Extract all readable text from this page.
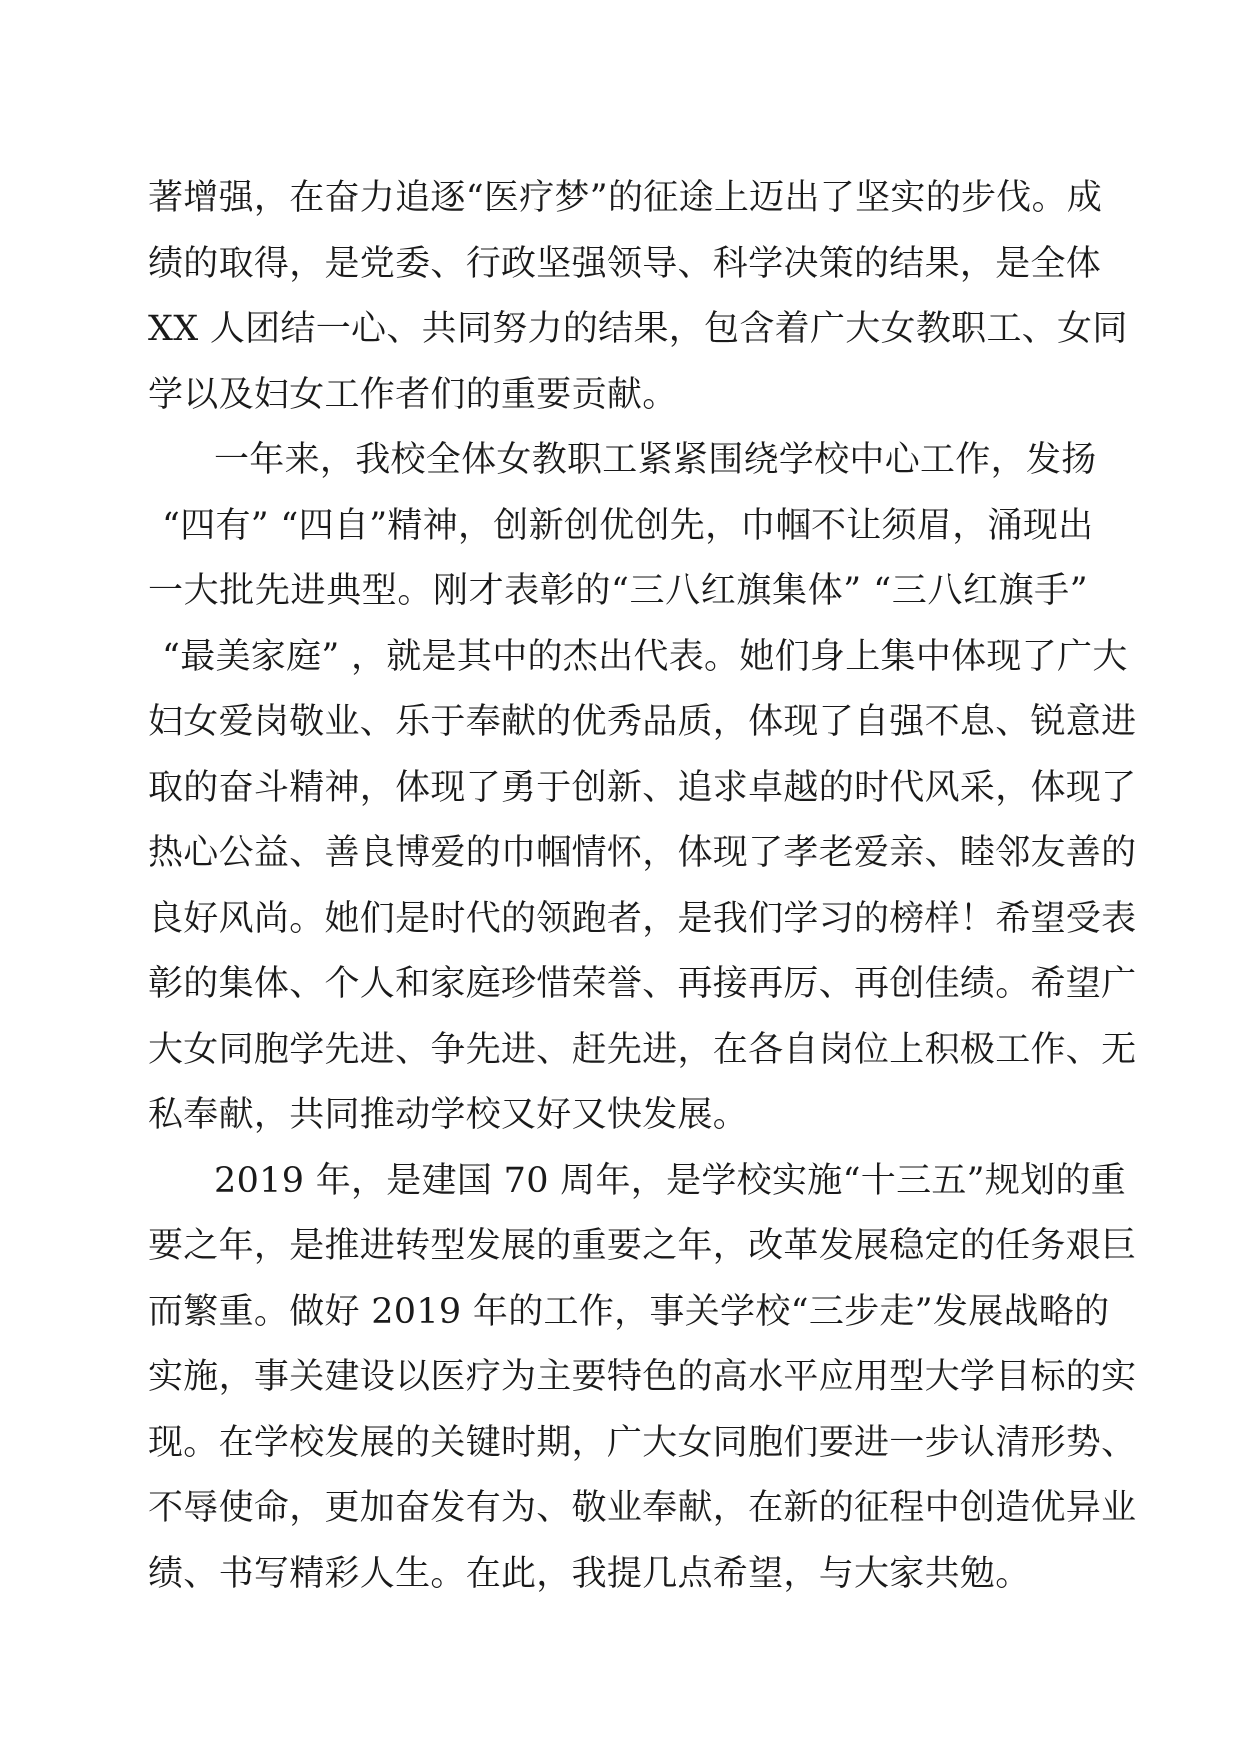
著增强，在奋力追逐“医疗梦”的征途上迈出了坚实的步伐。成
绩的取得，是党委、行政坚强领导、科学决策的结果，是全体
XX 人团结一心、共同努力的结果，包含着广大女教职工、女同
学以及妇女工作者们的重要贡献。
一年来，我校全体女教职工紧紧围绕学校中心工作，发扬
“四有” “四自”精神，创新创优创先，巾帼不让须眉，涌现出
一大批先进典型。刚才表彰的“三八红旗集体” “三八红旗手”
“最美家庭” ，就是其中的杰出代表。她们身上集中体现了广大
妇女爱岗敬业、乐于奉献的优秀品质，体现了自强不息、锐意进
取的奋斗精神，体现了勇于创新、追求卓越的时代风采，体现了
热心公益、善良博爱的巾帼情怀，体现了孝老爱亲、睦邻友善的
良好风尚。她们是时代的领跑者，是我们学习的榜样！希望受表
彰的集体、个人和家庭珍惜荣誉、再接再厉、再创佳绩。希望广
大女同胞学先进、争先进、赶先进，在各自岗位上积极工作、无
私奉献，共同推动学校又好又快发展。
2019 年，是建国 70 周年，是学校实施“十三五”规划的重
要之年，是推进转型发展的重要之年，改革发展稳定的任务艰巨
而繁重。做好 2019 年的工作，事关学校“三步走”发展战略的
实施，事关建设以医疗为主要特色的高水平应用型大学目标的实
现。在学校发展的关键时期，广大女同胞们要进一步认清形势、
不辱使命，更加奋发有为、敬业奉献，在新的征程中创造优异业
绩、书写精彩人生。在此，我提几点希望，与大家共勉。
